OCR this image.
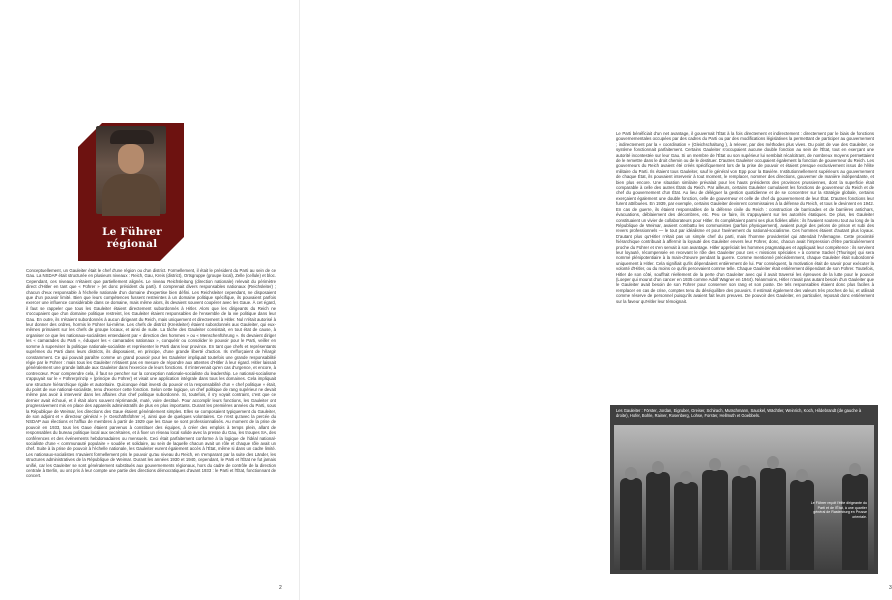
Le Führer régional

Conceptuellement, un Gauleiter était le chef d'une région ou d'un district. Formellement, il était le président du Parti au sein de ce Gau. La NSDAP était structurée en plusieurs niveaux : Reich, Gau, Kreis (district), Ortsgruppe (groupe local), Zelle (cellule) et bloc. Cependant, ces niveaux n'étaient que partiellement alignés. Le niveau Reichsleitung (direction nationale) relevait du périmètre direct d'Hitler en tant que « Führer » (et donc président du parti). Il comprenait divers responsables nationaux (Reichsleiter) ; chacun d'eux responsable à l'échelle nationale d'un domaine d'expertise bien défini. Les Reichsleiter cependant, ne disposaient que d'un pouvoir limité. Bien que leurs compétences fussent restreintes à un domaine politique spécifique, ils pouvaient parfois exercer une influence considérable dans ce domaine, mais même alors, ils devaient souvent coopérer avec les Gaue. À cet égard, il faut se rappeler que tous les Gauleiter étaient directement subordonnés à Hitler. Alors que les dirigeants du Reich ne s'occupaient que d'un domaine politique restreint, les Gauleiter étaient responsables de l'ensemble de la vie politique dans leur Gau. En outre, ils n'étaient subordonnés à aucun dirigeant du Reich, mais uniquement et directement à Hitler. Nul n'était autorisé à leur donner des ordres, hormis le Führer lui-même. Les chefs de district (Kreisleiter) étaient subordonnés aux Gauleiter, qui eux-mêmes primaient sur les chefs de groupe locaux, et ainsi de suite. La tâche des Gauleiter consistait, en tout état de cause, à organiser ce que les nationaux-socialistes entendaient par « direction des hommes » ou « Menschenführung ». Ils devaient diriger les « camarades du Parti », éduquer les « camarades nationaux », conquérir ou consolider le pouvoir pour le Parti, veiller en somme à superviser la politique nationale-socialiste et représenter le Parti dans leur province. En tant que chefs et représentants suprêmes du Parti dans leurs districts, ils disposaient, en principe, d'une grande liberté d'action. Ils s'efforçaient de l'élargir constamment. Ce qui pouvait paraître comme un grand pouvoir pour les Gauleiter impliquait toutefois une grande responsabilité régie par le Führer : mais tous les Gauleiter n'étaient pas en mesure de répondre aux attentes d'Hitler à leur égard. Hitler laissait généralement une grande latitude aux Gauleiter dans l'exercice de leurs fonctions. Il n'intervenait qu'en cas d'urgence, et encore, à contrecœur. Pour comprendre cela, il faut se pencher sur la conception nationale-socialiste du leadership. Le national-socialisme s'appuyait sur le « Führerprinzip » (principe du Führer) et visait une application intégrale dans tous les domaines. Cela impliquait une structure hiérarchique rigide et autoritaire. Quiconque était investi du pouvoir et la responsabilité d'un « chef politique » était, du point de vue national-socialiste, tenu d'exercer cette fonction. Selon cette logique, un chef politique de rang supérieur ne devait même pas avoir à intervenir dans les affaires d'un chef politique subordonné. Si, toutefois, il s'y voyait contraint, c'est que ce dernier avait échoué, et il était alors souvent réprimandé, muté, voire destitué. Pour accomplir leurs fonctions, les Gauleiter ont progressivement mis en place des appareils administratifs de plus en plus importants. Durant les premières années du Parti, sous la République de Weimar, les directions des Gaue étaient généralement simples. Elles se composaient typiquement du Gauleiter, de son adjoint et « directeur général » (« Geschäftsführer »), ainsi que de quelques volontaires. Ce n'est qu'avec la percée du NSDAP aux élections et l'afflux de membres à partir de 1929 que les Gaue se sont professionnalisés. Au moment de la prise de pouvoir en 1933, tous les Gaue étaient parvenus à constituer des équipes, à créer des emplois à temps plein, allant de responsables du bureau politique local aux secrétaires, et à fixer un réseau local solide avec la presse du Gau, les troupes SA, des conférences et des événements hebdomadaires ou mensuels. Ceci était parfaitement conforme à la logique de l'idéal national-socialiste d'une « communauté populaire » soudée et solidaire, au sein de laquelle chacun avait un rôle et chaque rôle avait un chef. Suite à la prise de pouvoir à l'échelle nationale, les Gauleiter eurent également accès à l'État, même si dans un cadre limité. Les nationaux-socialistes n'avaient formellement pris le pouvoir qu'au niveau du Reich, en s'emparant par la suite des Länder, les structures administratives de la République de Weimar. Durant les années 1930 et 1940, cependant, le Parti et l'État ne fut jamais unifié, car les Gauleiter se sont généralement substitués aux gouvernements régionaux, hors du cadre de contrôle de la direction centrale à Berlin, ou ont pris à leur compte une partie des directions démocratiques d'avant 1933 : le Parti et l'État, fonctionnant de concert.

2

Le Parti bénéficiait d'un net avantage, il gouvernait l'État à la fois directement et indirectement : directement par le biais de fonctions gouvernementales occupées par des cadres du Parti ou par des modifications législatives la permettant de participer au gouvernement ; indirectement par la « coordination » (Gleichschaltung ), à relever, par des méthodes plus vives. Du point de vue des Gauleiter, ce système fonctionnait parfaitement. Certains Gauleiter s'occupaient aucune double fonction au sein de l'État, tout en exerçant une autorité incontestée sur leur Gau. Si un membre de l'État ou son supérieur lui semblait récalcitrant, de nombreux moyens permettaient de le remettre dans le droit chemin ou de le destituer. D'autres Gauleiter occupaient également la fonction de gouverneur du Reich. Les gouverneurs du Reich avaient été créés spécifiquement lors de la prise de pouvoir et étaient presque exclusivement issus de l'élite militaire du Parti. Ils étaient tous Gauleiter, sauf le général von Epp pour la Bavière. Institutionnellement supérieurs au gouvernement de chaque État, ils pouvaient intervenir à tout moment, le remplacer, nommer des directions, gouverner de manière indépendante, et bien plus encore. Une situation similaire prévalait pour les hauts présidents des provinces prussiennes, dont la superficie était comparable à celle des autres États du Reich. Par ailleurs, certains Gauleiter cumulaient les fonctions de gouverneur du Reich et de chef du gouvernement d'un État. Au lieu de déléguer la gestion quotidienne et de se concentrer sur la stratégie globale, certains exerçaient également une double fonction, celle de gouverneur et celle de chef du gouvernement de leur État. D'autres fonctions leur furent attribuées. En 1939, par exemple, certains Gauleiter devinrent commissaires à la défense du Reich, et tous le devinrent en 1942. En cas de guerre, ils étaient responsables de la défense civile du Reich : construction de barricades et de barrières antichars, évacuations, déblaiement des décombres, etc. Peu ce faire, ils s'appuyaient sur les autorités étatiques. De plus, les Gauleiter constituaient un vivier de collaborateurs pour Hitler. Ils complétaient parmi ses plus fidèles alliés : ils l'avaient soutenu tout au long de la République de Weimar, avaient combattu les communistes (parfois physiquement), avaient purgé des pelons de prison et subi des revers professionnels — le tout par idéalisme et pour l'avènement du national-socialisme. Ces hommes étaient d'autant plus loyaux. D'autant plus qu'Hitler n'était pas un simple chef du parti, mais l'homme providentiel qui attendait l'Allemagne. Cette proximité hiérarchique contribuait à affermir la loyauté des Gauleiter envers leur Führer, donc, chacun avait l'impression d'être particulièrement proche du Führer et s'en servait à son avantage. Hitler appréciait les hommes pragmatiques et appliquait leur compétence : ils servirent leur loyauté, récompensée en recevant le rôle des Gauleiter pour ces « missions spéciales » à comme Sackel (Thuringe) qui sera nommé plénipotentiaire à la main-d'œuvre pendant la guerre. Comme mentionné précédemment, chaque Gauleiter était subordonné uniquement à Hitler. Cela signifiait qu'ils dépendaient entièrement de lui. Par conséquent, la motivation était de savoir pour exécuter la volonté d'Hitler, ou du moins ce qu'ils percevaient comme telle. Chaque Gauleiter était entièrement dépendant de son Führer. Toutefois, Hitler de son côté, souffrait réellement de la perte d'un Gauleiter avec qui il avait traversé les épreuves de la lutte pour le pouvoir (Loeper qui mourut d'un cancer en 1935 comme Adolf Wagner en 1944). Néanmoins, Hitler n'avait pas autant besoin d'un Gauleiter que le Gauleiter avait besoin de son Führer pour conserver son rang et son poste. De tels responsables étaient donc plus faciles à remplacer en cas de crise, comptes tenu du déséquilibre des pouvoirs. Il estimait également des valeurs très proches de lui, et utilisait comme réserve de personnel puisqu'ils avaient fait leurs preuves. De pouvoir des Gauleiter, en particulier, reposait donc entièrement sur la faveur qu'Hitler leur témoignait.

Les Gauleiter : Förster, Jordan, Eigruber, Greiser, Schirach, Mutschmann, Sauckel, Wächtler, Weinrich, Koch, Hildebrandt (de gauche à droite), Hofer, Bohle, Rainer, Rosenberg, Lohse, Forster, Hellmuth et Goebbels.

Le Führer reçoit l'élite dirigeante du Parti et de l'État, à une quartier général de Rastenburg en Prusse orientale.

3
